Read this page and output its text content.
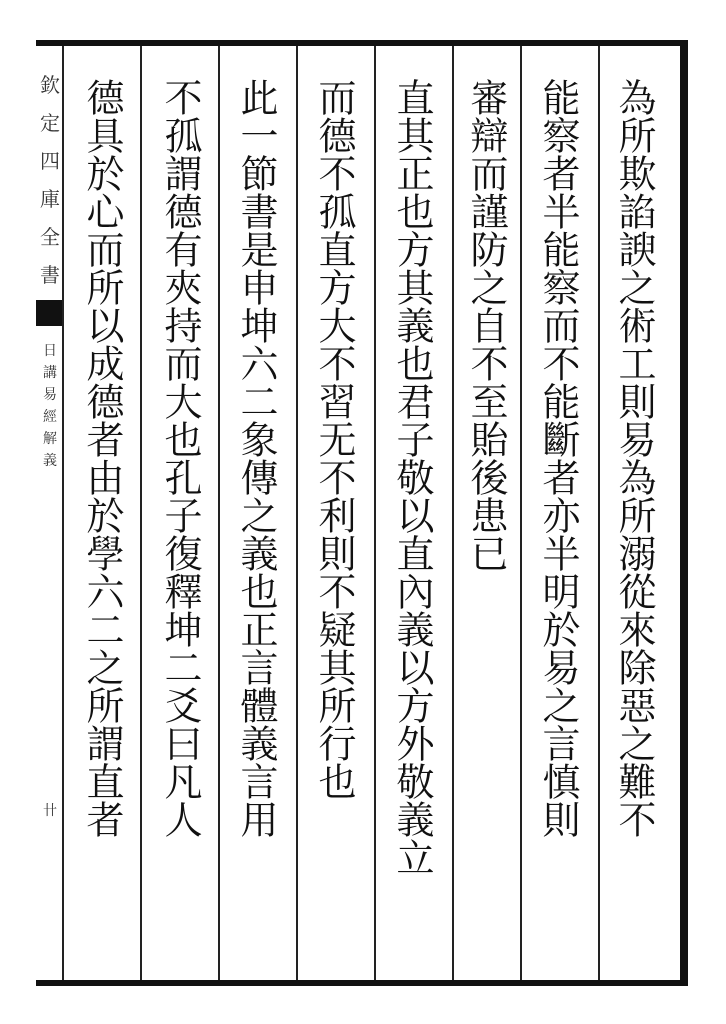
欽定四庫全書
日講易經解義
卄	為所欺諂諛之術工則易為所溺從來除惡之難不
能察者半能察而不能斷者亦半明於易之言慎則
審辯而謹防之自不至貽後患已
直其正也方其義也君子敬以直內義以方外敬義立
而德不孤直方大不習无不利則不疑其所行也
此一節書是申坤六二象傳之義也正言體義言用
不孤謂德有夾持而大也孔子復釋坤二爻曰凡人
德具於心而所以成德者由於學六二之所謂直者
